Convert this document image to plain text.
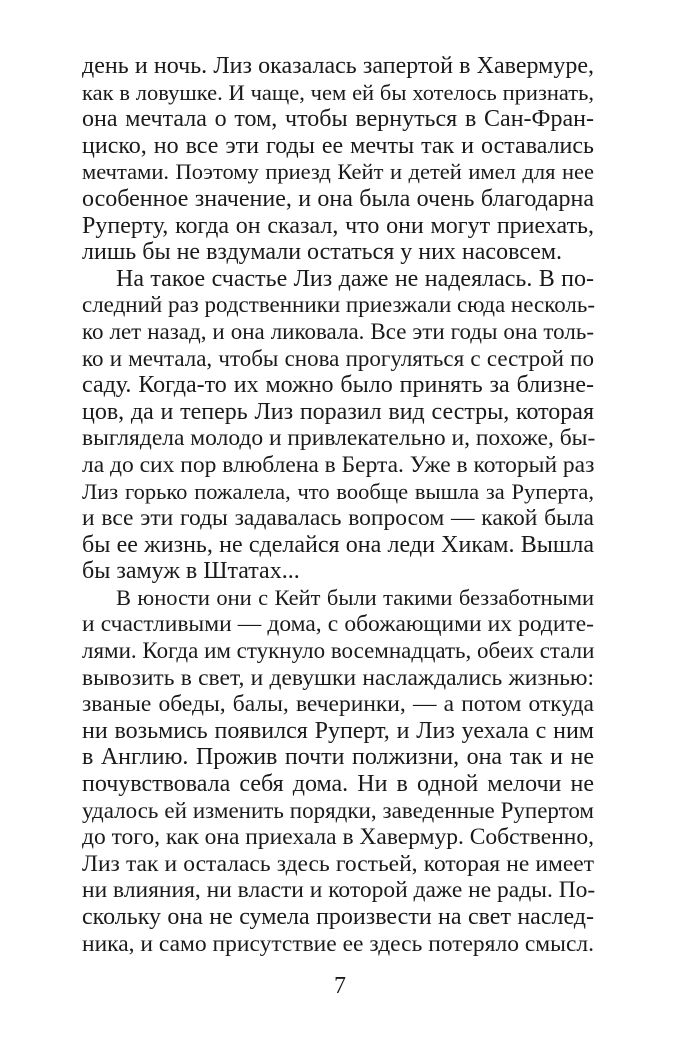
день и ночь. Лиз оказалась запертой в Хавермуре,
как в ловушке. И чаще, чем ей бы хотелось признать,
она мечтала о том, чтобы вернуться в Сан-Фран-
циско, но все эти годы ее мечты так и оставались
мечтами. Поэтому приезд Кейт и детей имел для нее
особенное значение, и она была очень благодарна
Руперту, когда он сказал, что они могут приехать,
лишь бы не вздумали остаться у них насовсем.
На такое счастье Лиз даже не надеялась. В по-
следний раз родственники приезжали сюда несколь-
ко лет назад, и она ликовала. Все эти годы она толь-
ко и мечтала, чтобы снова прогуляться с сестрой по
саду. Когда-то их можно было принять за близне-
цов, да и теперь Лиз поразил вид сестры, которая
выглядела молодо и привлекательно и, похоже, бы-
ла до сих пор влюблена в Берта. Уже в который раз
Лиз горько пожалела, что вообще вышла за Руперта,
и все эти годы задавалась вопросом — какой была
бы ее жизнь, не сделайся она леди Хикам. Вышла
бы замуж в Штатах...
В юности они с Кейт были такими беззаботными
и счастливыми — дома, с обожающими их родите-
лями. Когда им стукнуло восемнадцать, обеих стали
вывозить в свет, и девушки наслаждались жизнью:
званые обеды, балы, вечеринки, — а потом откуда
ни возьмись появился Руперт, и Лиз уехала с ним
в Англию. Прожив почти полжизни, она так и не
почувствовала себя дома. Ни в одной мелочи не
удалось ей изменить порядки, заведенные Рупертом
до того, как она приехала в Хавермур. Собственно,
Лиз так и осталась здесь гостьей, которая не имеет
ни влияния, ни власти и которой даже не рады. По-
скольку она не сумела произвести на свет наслед-
ника, и само присутствие ее здесь потеряло смысл.
7
